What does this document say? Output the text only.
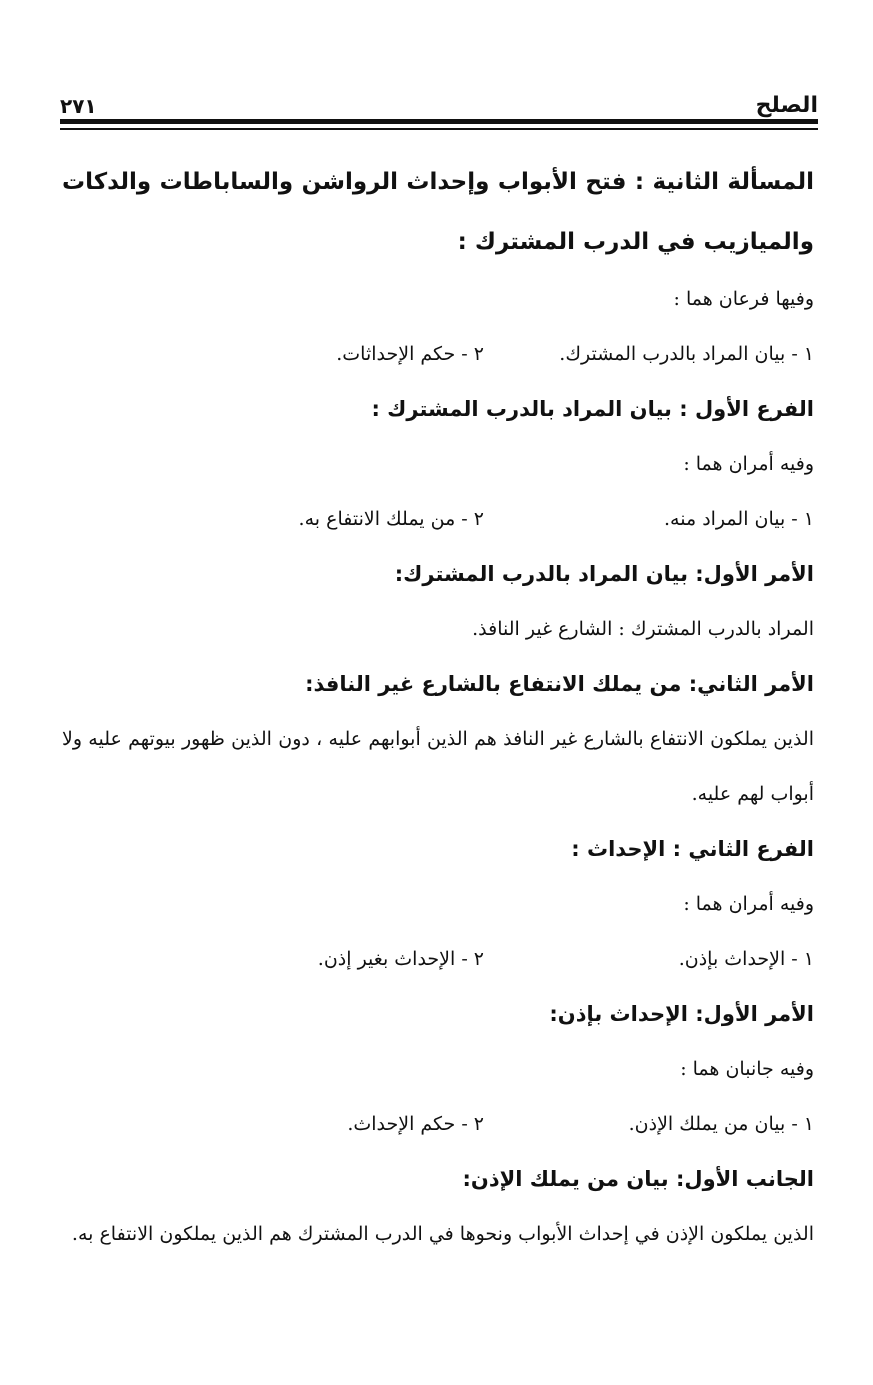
الصلح
٢٧١

المسألة الثانية : فتح الأبواب وإحداث الرواشن والساباطات والدكات والميازيب في الدرب المشترك :

وفيها فرعان هما :

١ - بيان المراد بالدرب المشترك.
٢ - حكم الإحداثات.

الفرع الأول : بيان المراد بالدرب المشترك :

وفيه أمران هما :

١ - بيان المراد منه.
٢ - من يملك الانتفاع به.

الأمر الأول: بيان المراد بالدرب المشترك:

المراد بالدرب المشترك : الشارع غير النافذ.

الأمر الثاني: من يملك الانتفاع بالشارع غير النافذ:

الذين يملكون الانتفاع بالشارع غير النافذ هم الذين أبوابهم عليه ، دون الذين ظهور بيوتهم عليه ولا أبواب لهم عليه.

الفرع الثاني : الإحداث :

وفيه أمران هما :

١ - الإحداث بإذن.
٢ - الإحداث بغير إذن.

الأمر الأول: الإحداث بإذن:

وفيه جانبان هما :

١ - بيان من يملك الإذن.
٢ - حكم الإحداث.

الجانب الأول: بيان من يملك الإذن:

الذين يملكون الإذن في إحداث الأبواب ونحوها في الدرب المشترك هم الذين يملكون الانتفاع به.
